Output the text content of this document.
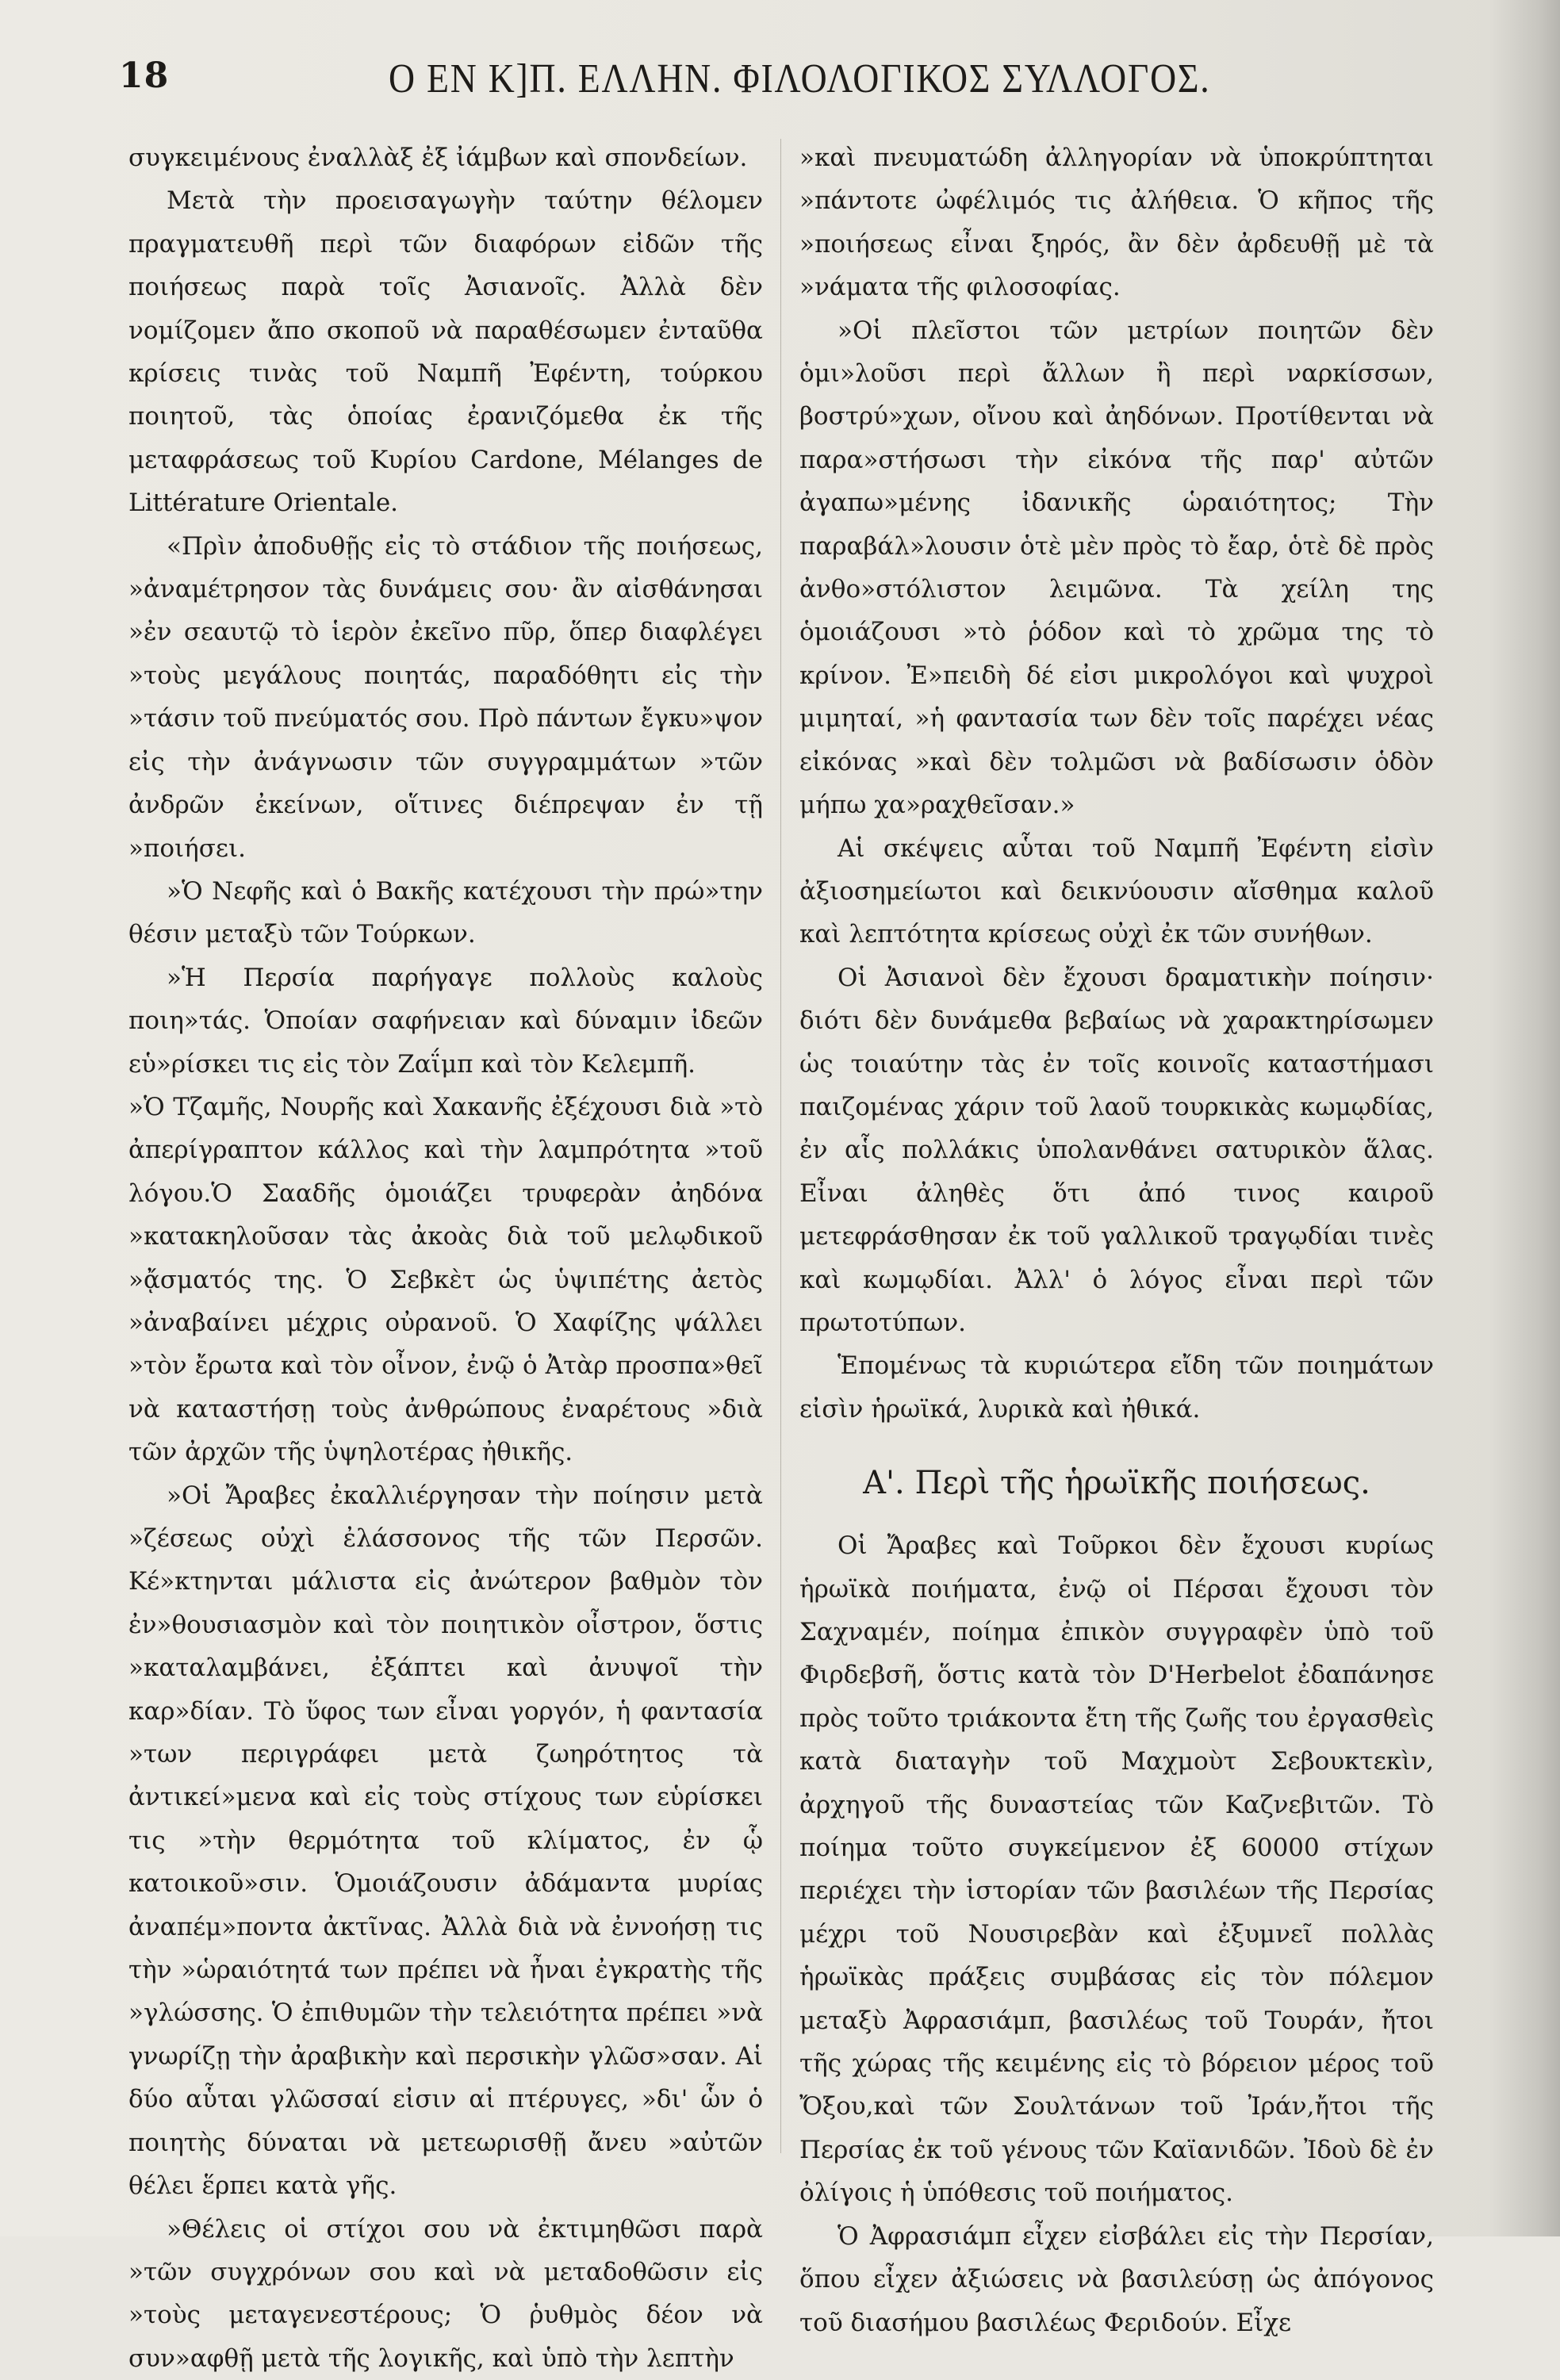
18	Ο ΕΝ Κ]Π. ΕΛΛΗΝ. ΦΙΛΟΛΟΓΙΚΟΣ ΣΥΛΛΟΓΟΣ.

συγκειμένους ἐναλλὰξ ἐξ ἰάμβων καὶ σπονδείων.

Μετὰ τὴν προεισαγωγὴν ταύτην θέλομεν πραγματευθῆ περὶ τῶν διαφόρων εἰδῶν τῆς ποιήσεως παρὰ τοῖς Ἀσιανοῖς. Ἀλλὰ δὲν νομίζομεν ἄπο σκοποῦ νὰ παραθέσωμεν ἐνταῦθα κρίσεις τινὰς τοῦ Ναμπῆ Ἐφέντη, τούρκου ποιητοῦ, τὰς ὁποίας ἐρανιζόμεθα ἐκ τῆς μεταφράσεως τοῦ Κυρίου Cardone, Mélanges de Littérature Orientale.

«Πρὶν ἀποδυθῇς εἰς τὸ στάδιον τῆς ποιήσεως, »ἀναμέτρησον τὰς δυνάμεις σου· ἂν αἰσθάνησαι »ἐν σεαυτῷ τὸ ἱερὸν ἐκεῖνο πῦρ, ὅπερ διαφλέγει »τοὺς μεγάλους ποιητάς, παραδόθητι εἰς τὴν »τάσιν τοῦ πνεύματός σου. Πρὸ πάντων ἔγκυ»ψον εἰς τὴν ἀνάγνωσιν τῶν συγγραμμάτων »τῶν ἀνδρῶν ἐκείνων, οἵτινες διέπρεψαν ἐν τῇ »ποιήσει.

»Ὁ Νεφῆς καὶ ὁ Βακῆς κατέχουσι τὴν πρώ»την θέσιν μεταξὺ τῶν Τούρκων.

»Ἡ Περσία παρήγαγε πολλοὺς καλοὺς ποιη»τάς. Ὁποίαν σαφήνειαν καὶ δύναμιν ἰδεῶν εὑ»ρίσκει τις εἰς τὸν Ζαΐμπ καὶ τὸν Κελεμπῆ.

»Ὁ Τζαμῆς, Νουρῆς καὶ Χακανῆς ἐξέχουσι διὰ »τὸ ἀπερίγραπτον κάλλος καὶ τὴν λαμπρότητα »τοῦ λόγου.Ὁ Σααδῆς ὁμοιάζει τρυφερὰν ἀηδόνα »κατακηλοῦσαν τὰς ἀκοὰς διὰ τοῦ μελῳδικοῦ »ᾄσματός της. Ὁ Σεβκὲτ ὡς ὑψιπέτης ἀετὸς »ἀναβαίνει μέχρις οὐρανοῦ. Ὁ Χαφίζης ψάλλει »τὸν ἔρωτα καὶ τὸν οἶνον, ἐνῷ ὁ Ἀτὰρ προσπα»θεῖ νὰ καταστήσῃ τοὺς ἀνθρώπους ἐναρέτους »διὰ τῶν ἀρχῶν τῆς ὑψηλοτέρας ἠθικῆς.

»Οἱ Ἄραβες ἐκαλλιέργησαν τὴν ποίησιν μετὰ »ζέσεως οὐχὶ ἐλάσσονος τῆς τῶν Περσῶν. Κέ»κτηνται μάλιστα εἰς ἀνώτερον βαθμὸν τὸν ἐν»θουσιασμὸν καὶ τὸν ποιητικὸν οἶστρον, ὅστις »καταλαμβάνει, ἐξάπτει καὶ ἀνυψοῖ τὴν καρ»δίαν. Τὸ ὕφος των εἶναι γοργόν, ἡ φαντασία »των περιγράφει μετὰ ζωηρότητος τὰ ἀντικεί»μενα καὶ εἰς τοὺς στίχους των εὑρίσκει τις »τὴν θερμότητα τοῦ κλίματος, ἐν ᾧ κατοικοῦ»σιν. Ὁμοιάζουσιν ἀδάμαντα μυρίας ἀναπέμ»ποντα ἀκτῖνας. Ἀλλὰ διὰ νὰ ἐννοήσῃ τις τὴν »ὡραιότητά των πρέπει νὰ ἦναι ἐγκρατὴς τῆς »γλώσσης. Ὁ ἐπιθυμῶν τὴν τελειότητα πρέπει »νὰ γνωρίζῃ τὴν ἀραβικὴν καὶ περσικὴν γλῶσ»σαν. Αἱ δύο αὗται γλῶσσαί εἰσιν αἱ πτέρυγες, »δι' ὧν ὁ ποιητὴς δύναται νὰ μετεωρισθῇ ἄνευ »αὐτῶν θέλει ἕρπει κατὰ γῆς.

»Θέλεις οἱ στίχοι σου νὰ ἐκτιμηθῶσι παρὰ »τῶν συγχρόνων σου καὶ νὰ μεταδοθῶσιν εἰς »τοὺς μεταγενεστέρους; Ὁ ῥυθμὸς δέον νὰ συν»αφθῇ μετὰ τῆς λογικῆς, καὶ ὑπὸ τὴν λεπτὴν

»καὶ πνευματώδη ἀλληγορίαν νὰ ὑποκρύπτηται »πάντοτε ὠφέλιμός τις ἀλήθεια. Ὁ κῆπος τῆς »ποιήσεως εἶναι ξηρός, ἂν δὲν ἀρδευθῇ μὲ τὰ »νάματα τῆς φιλοσοφίας.

»Οἱ πλεῖστοι τῶν μετρίων ποιητῶν δὲν ὁμι»λοῦσι περὶ ἄλλων ἢ περὶ ναρκίσσων, βοστρύ»χων, οἴνου καὶ ἀηδόνων. Προτίθενται νὰ παρα»στήσωσι τὴν εἰκόνα τῆς παρ' αὐτῶν ἀγαπω»μένης ἰδανικῆς ὡραιότητος; Τὴν παραβάλ»λουσιν ὁτὲ μὲν πρὸς τὸ ἔαρ, ὁτὲ δὲ πρὸς ἀνθο»στόλιστον λειμῶνα. Τὰ χείλη της ὁμοιάζουσι »τὸ ῥόδον καὶ τὸ χρῶμα της τὸ κρίνον. Ἐ»πειδὴ δέ εἰσι μικρολόγοι καὶ ψυχροὶ μιμηταί, »ἡ φαντασία των δὲν τοῖς παρέχει νέας εἰκόνας »καὶ δὲν τολμῶσι νὰ βαδίσωσιν ὁδὸν μήπω χα»ραχθεῖσαν.»

Αἱ σκέψεις αὗται τοῦ Ναμπῆ Ἐφέντη εἰσὶν ἀξιοσημείωτοι καὶ δεικνύουσιν αἴσθημα καλοῦ καὶ λεπτότητα κρίσεως οὐχὶ ἐκ τῶν συνήθων.

Οἱ Ἀσιανοὶ δὲν ἔχουσι δραματικὴν ποίησιν· διότι δὲν δυνάμεθα βεβαίως νὰ χαρακτηρίσωμεν ὡς τοιαύτην τὰς ἐν τοῖς κοινοῖς καταστήμασι παιζομένας χάριν τοῦ λαοῦ τουρκικὰς κωμῳδίας, ἐν αἷς πολλάκις ὑπολανθάνει σατυρικὸν ἅλας. Εἶναι ἀληθὲς ὅτι ἀπό τινος καιροῦ μετεφράσθησαν ἐκ τοῦ γαλλικοῦ τραγῳδίαι τινὲς καὶ κωμῳδίαι. Ἀλλ' ὁ λόγος εἶναι περὶ τῶν πρωτοτύπων.

Ἑπομένως τὰ κυριώτερα εἴδη τῶν ποιημάτων εἰσὶν ἡρωϊκά, λυρικὰ καὶ ἠθικά.

Α'. Περὶ τῆς ἡρωϊκῆς ποιήσεως.

Οἱ Ἄραβες καὶ Τοῦρκοι δὲν ἔχουσι κυρίως ἡρωϊκὰ ποιήματα, ἐνῷ οἱ Πέρσαι ἔχουσι τὸν Σαχναμέν, ποίημα ἐπικὸν συγγραφὲν ὑπὸ τοῦ Φιρδεβσῆ, ὅστις κατὰ τὸν D'Herbelot ἐδαπάνησε πρὸς τοῦτο τριάκοντα ἔτη τῆς ζωῆς του ἐργασθεὶς κατὰ διαταγὴν τοῦ Μαχμοὺτ Σεβουκτεκὶν, ἀρχηγοῦ τῆς δυναστείας τῶν Καζνεβιτῶν. Τὸ ποίημα τοῦτο συγκείμενον ἐξ 60000 στίχων περιέχει τὴν ἱστορίαν τῶν βασιλέων τῆς Περσίας μέχρι τοῦ Νουσιρεβὰν καὶ ἐξυμνεῖ πολλὰς ἡρωϊκὰς πράξεις συμβάσας εἰς τὸν πόλεμον μεταξὺ Ἀφρασιάμπ, βασιλέως τοῦ Τουράν, ἤτοι τῆς χώρας τῆς κειμένης εἰς τὸ βόρειον μέρος τοῦ Ὄξου,καὶ τῶν Σουλτάνων τοῦ Ἰράν,ἤτοι τῆς Περσίας ἐκ τοῦ γένους τῶν Καϊανιδῶν. Ἰδοὺ δὲ ἐν ὀλίγοις ἡ ὑπόθεσις τοῦ ποιήματος.

Ὁ Ἀφρασιάμπ εἶχεν εἰσβάλει εἰς τὴν Περσίαν, ὅπου εἶχεν ἀξιώσεις νὰ βασιλεύσῃ ὡς ἀπόγονος τοῦ διασήμου βασιλέως Φεριδούν. Εἶχε
